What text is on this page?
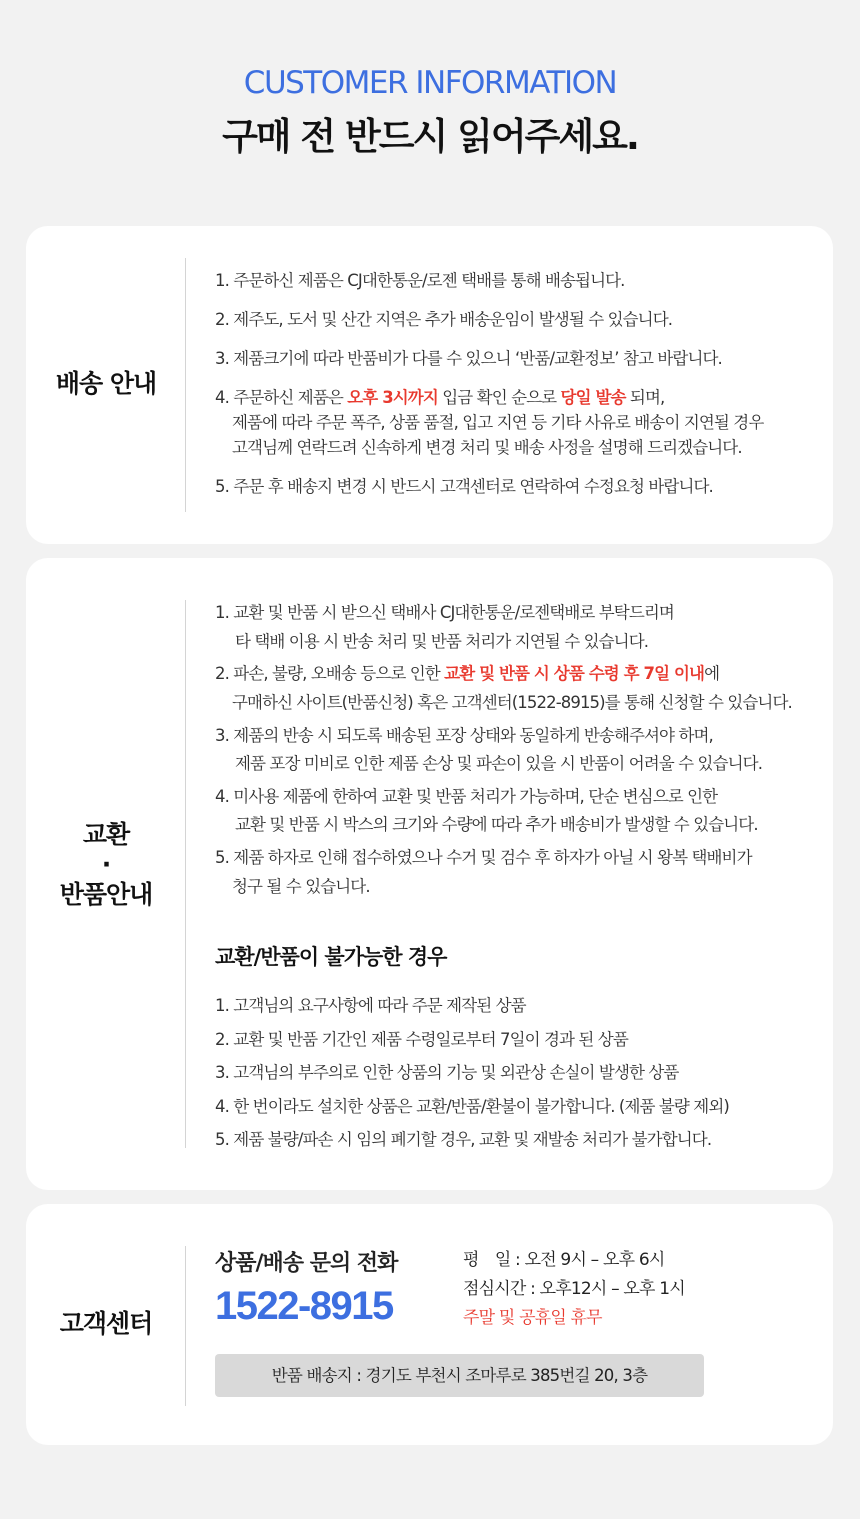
CUSTOMER INFORMATION
구매 전 반드시 읽어주세요.
배송 안내
1. 주문하신 제품은 CJ대한통운/로젠 택배를 통해 배송됩니다.
2. 제주도, 도서 및 산간 지역은 추가 배송운임이 발생될 수 있습니다.
3. 제품크기에 따라 반품비가 다를 수 있으니 ‘반품/교환정보’ 참고 바랍니다.
4. 주문하신 제품은 오후 3시까지 입금 확인 순으로 당일 발송 되며,
제품에 따라 주문 폭주, 상품 품절, 입고 지연 등 기타 사유로 배송이 지연될 경우
고객님께 연락드려 신속하게 변경 처리 및 배송 사정을 설명해 드리겠습니다.
5. 주문 후 배송지 변경 시 반드시 고객센터로 연락하여 수정요청 바랍니다.
교환
·
반품안내
1. 교환 및 반품 시 받으신 택배사 CJ대한통운/로젠택배로 부탁드리며
타 택배 이용 시 반송 처리 및 반품 처리가 지연될 수 있습니다.
2. 파손, 불량, 오배송 등으로 인한 교환 및 반품 시 상품 수령 후 7일 이내에
구매하신 사이트(반품신청) 혹은 고객센터(1522-8915)를 통해 신청할 수 있습니다.
3. 제품의 반송 시 되도록 배송된 포장 상태와 동일하게 반송해주셔야 하며,
제품 포장 미비로 인한 제품 손상 및 파손이 있을 시 반품이 어려울 수 있습니다.
4. 미사용 제품에 한하여 교환 및 반품 처리가 가능하며, 단순 변심으로 인한
교환 및 반품 시 박스의 크기와 수량에 따라 추가 배송비가 발생할 수 있습니다.
5. 제품 하자로 인해 접수하였으나 수거 및 검수 후 하자가 아닐 시 왕복 택배비가
청구 될 수 있습니다.
교환/반품이 불가능한 경우
1. 고객님의 요구사항에 따라 주문 제작된 상품
2. 교환 및 반품 기간인 제품 수령일로부터 7일이 경과 된 상품
3. 고객님의 부주의로 인한 상품의 기능 및 외관상 손실이 발생한 상품
4. 한 번이라도 설치한 상품은 교환/반품/환불이 불가합니다. (제품 불량 제외)
5. 제품 불량/파손 시 임의 폐기할 경우, 교환 및 재발송 처리가 불가합니다.
고객센터
상품/배송 문의 전화
1522-8915
평　일 : 오전 9시 – 오후 6시
점심시간 : 오후12시 – 오후 1시
주말 및 공휴일 휴무
반품 배송지 : 경기도 부천시 조마루로 385번길 20, 3층
